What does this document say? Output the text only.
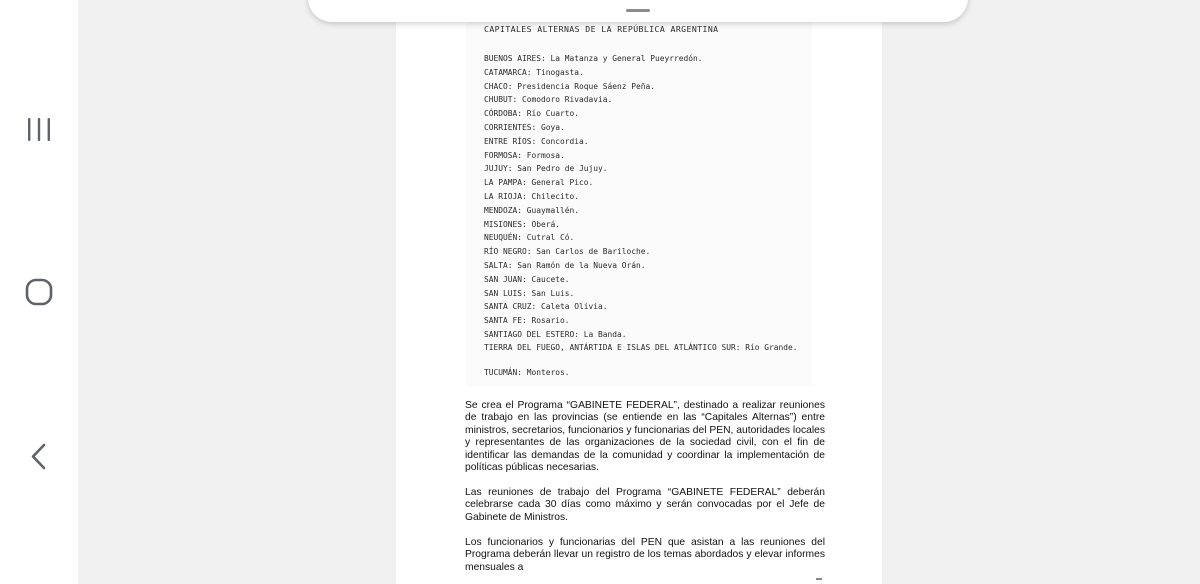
CAPITALES ALTERNAS DE LA REPÚBLICA ARGENTINA

BUENOS AIRES: La Matanza y General Pueyrredón.
CATAMARCA: Tinogasta.
CHACO: Presidencia Roque Sáenz Peña.
CHUBUT: Comodoro Rivadavia.
CÓRDOBA: Río Cuarto.
CORRIENTES: Goya.
ENTRE RÍOS: Concordia.
FORMOSA: Formosa.
JUJUY: San Pedro de Jujuy.
LA PAMPA: General Pico.
LA RIOJA: Chilecito.
MENDOZA: Guaymallén.
MISIONES: Oberá.
NEUQUÉN: Cutral Có.
RÍO NEGRO: San Carlos de Bariloche.
SALTA: San Ramón de la Nueva Orán.
SAN JUAN: Caucete.
SAN LUIS: San Luis.
SANTA CRUZ: Caleta Olivia.
SANTA FE: Rosario.
SANTIAGO DEL ESTERO: La Banda.
TIERRA DEL FUEGO, ANTÁRTIDA E ISLAS DEL ATLÁNTICO SUR: Río Grande.
TUCUMÁN: Monteros.

Se crea el Programa “GABINETE FEDERAL”, destinado a realizar reuniones de trabajo en las provincias (se entiende en las “Capitales Alternas”) entre ministros, secretarios, funcionarios y funcionarias del PEN, autoridades locales y representantes de las organizaciones de la sociedad civil, con el fin de identificar las demandas de la comunidad y coordinar la implementación de políticas públicas necesarias.

Las reuniones de trabajo del Programa “GABINETE FEDERAL” deberán celebrarse cada 30 días como máximo y serán convocadas por el Jefe de Gabinete de Ministros.

Los funcionarios y funcionarias del PEN que asistan a las reuniones del Programa deberán llevar un registro de los temas abordados y elevar informes mensuales a
